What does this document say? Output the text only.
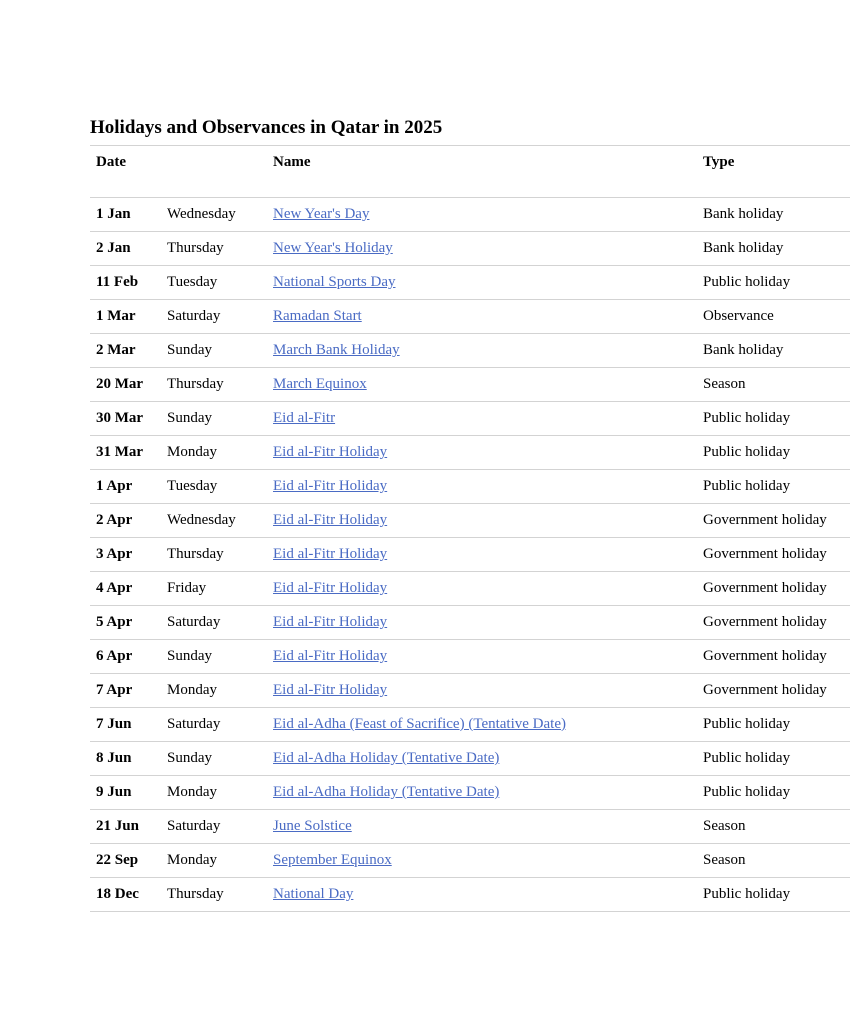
Holidays and Observances in Qatar in 2025
Date		Name	Type
1 Jan	Wednesday	New Year's Day	Bank holiday
2 Jan	Thursday	New Year's Holiday	Bank holiday
11 Feb	Tuesday	National Sports Day	Public holiday
1 Mar	Saturday	Ramadan Start	Observance
2 Mar	Sunday	March Bank Holiday	Bank holiday
20 Mar	Thursday	March Equinox	Season
30 Mar	Sunday	Eid al-Fitr	Public holiday
31 Mar	Monday	Eid al-Fitr Holiday	Public holiday
1 Apr	Tuesday	Eid al-Fitr Holiday	Public holiday
2 Apr	Wednesday	Eid al-Fitr Holiday	Government holiday
3 Apr	Thursday	Eid al-Fitr Holiday	Government holiday
4 Apr	Friday	Eid al-Fitr Holiday	Government holiday
5 Apr	Saturday	Eid al-Fitr Holiday	Government holiday
6 Apr	Sunday	Eid al-Fitr Holiday	Government holiday
7 Apr	Monday	Eid al-Fitr Holiday	Government holiday
7 Jun	Saturday	Eid al-Adha (Feast of Sacrifice) (Tentative Date)	Public holiday
8 Jun	Sunday	Eid al-Adha Holiday (Tentative Date)	Public holiday
9 Jun	Monday	Eid al-Adha Holiday (Tentative Date)	Public holiday
21 Jun	Saturday	June Solstice	Season
22 Sep	Monday	September Equinox	Season
18 Dec	Thursday	National Day	Public holiday
